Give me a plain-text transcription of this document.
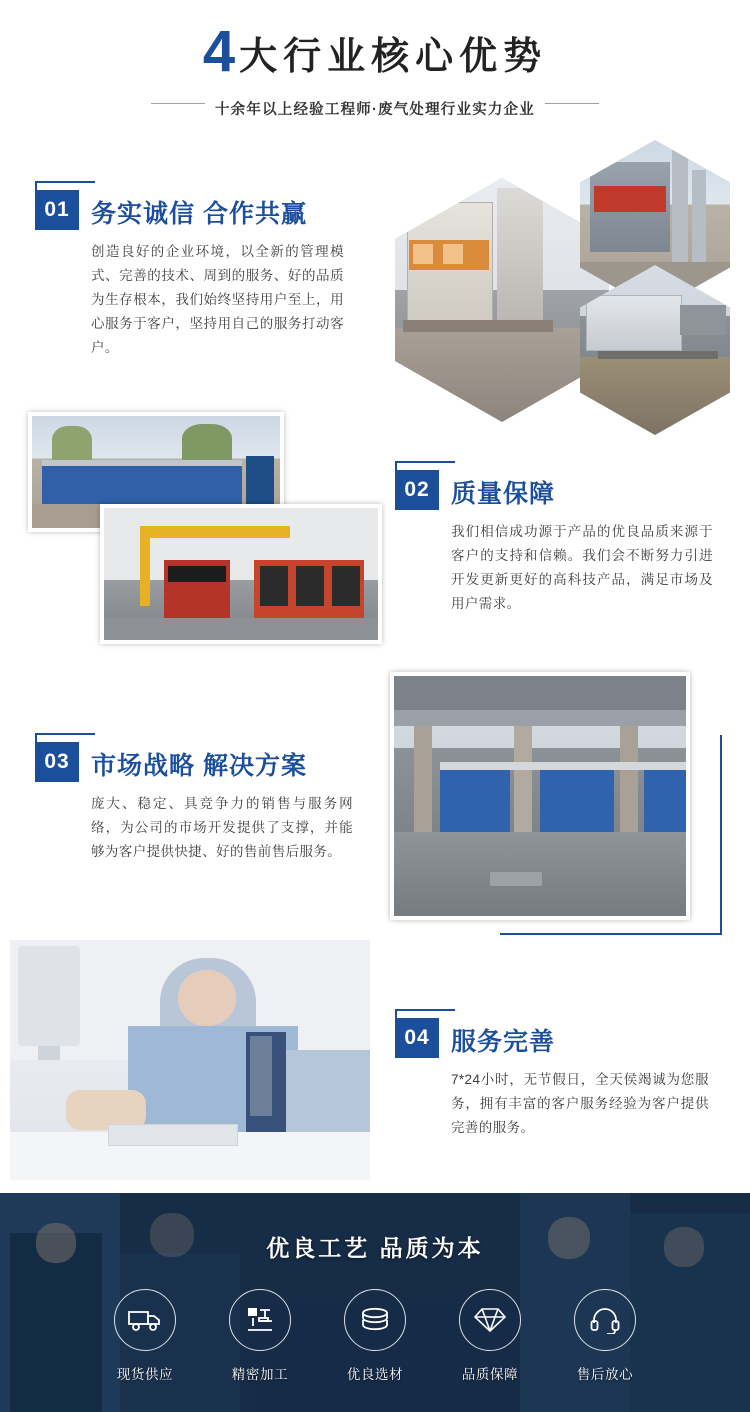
4 大行业核心优势
十余年以上经验工程师·废气处理行业实力企业
01 务实诚信 合作共赢
创造良好的企业环境，以全新的管理模式、完善的技术、周到的服务、好的品质为生存根本，我们始终坚持用户至上，用心服务于客户，坚持用自己的服务打动客户。
02 质量保障
我们相信成功源于产品的优良品质来源于客户的支持和信赖。我们会不断努力引进开发更新更好的高科技产品，满足市场及用户需求。
03 市场战略 解决方案
庞大、稳定、具竞争力的销售与服务网络，为公司的市场开发提供了支撑，并能够为客户提供快捷、好的售前售后服务。
04 服务完善
7*24小时，无节假日，全天侯竭诚为您服务，拥有丰富的客户服务经验为客户提供完善的服务。
优良工艺 品质为本
现货供应	精密加工	优良选材	品质保障	售后放心
